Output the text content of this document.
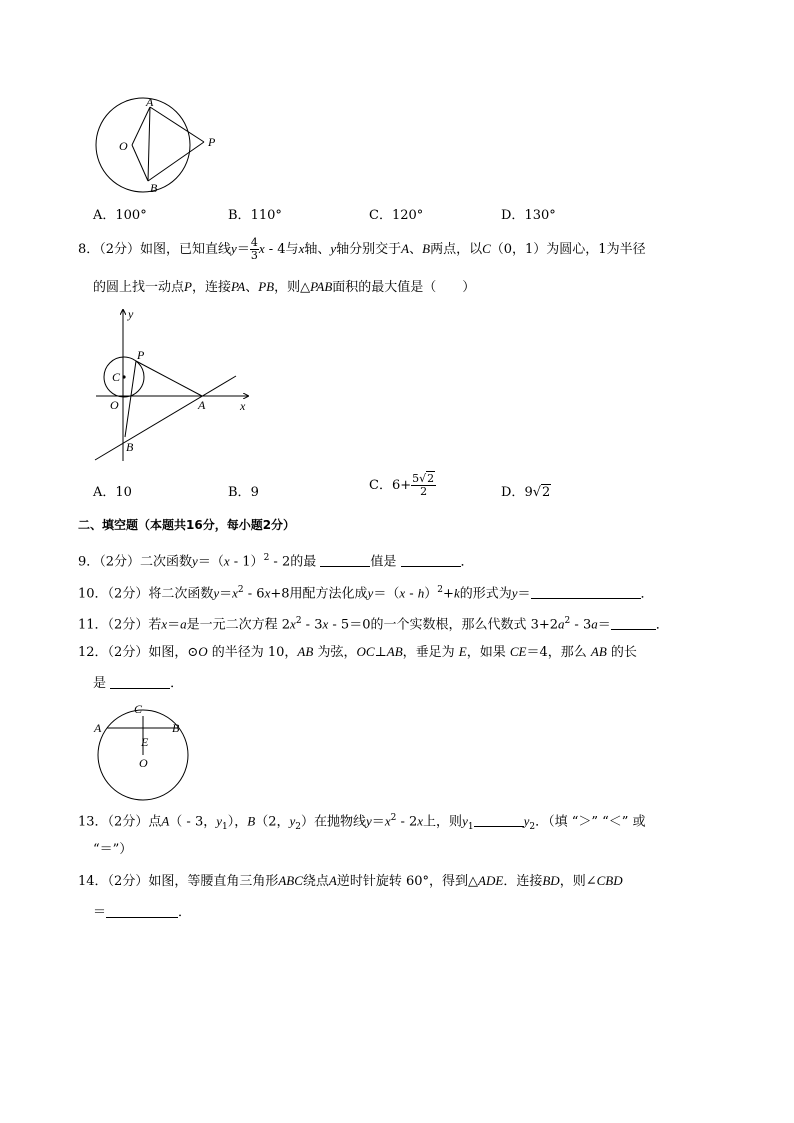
A
B
O	P
A．100°	B．110°	C．120°	D．130°
8．（2分）如图，已知直线$y= \frac{4}{3}$ x - 4与x轴、y轴分别交于A、B两点，以C（0，1）为圆心，1为半径
的圆上找一动点P，连接PA、PB，则△PAB面积的最大值是（　　）
y
x
P
C
O	A
B
A．10	B．9	C．$6+ \frac{5√2}{2}$	D．9√2
二、填空题（本题共16分，每小题2分）
9．（2分）二次函数y＝（x - 1）$^2$ - 2的最	值是	．
10．（2分）将二次函数$y=x^2 - 6x+8$用配方法化成y＝（x - h）$^2$+k的形式为y＝	．
11．（2分）若x＝a是一元二次方程 $2x^2 - 3x - 5=0$的一个实数根，那么代数式 $3+2a^2 - 3a=$	．
12．（2分）如图，⊙O 的半径为 10，AB 为弦，OC⊥AB，垂足为 E，如果 CE＝4，那么 AB 的长
是	．
C
A	B
E
O
13．（2分）点A（ - 3，$y_1$），B（2，$y_2$）在抛物线$y=x^2 - 2x$上，则$y_1$	$y_2$．（填 “＞” “＜” 或
“＝”）
14．（2分）如图，等腰直角三角形ABC绕点A逆时针旋转 60°，得到△ADE．连接BD，则∠CBD
＝	．
